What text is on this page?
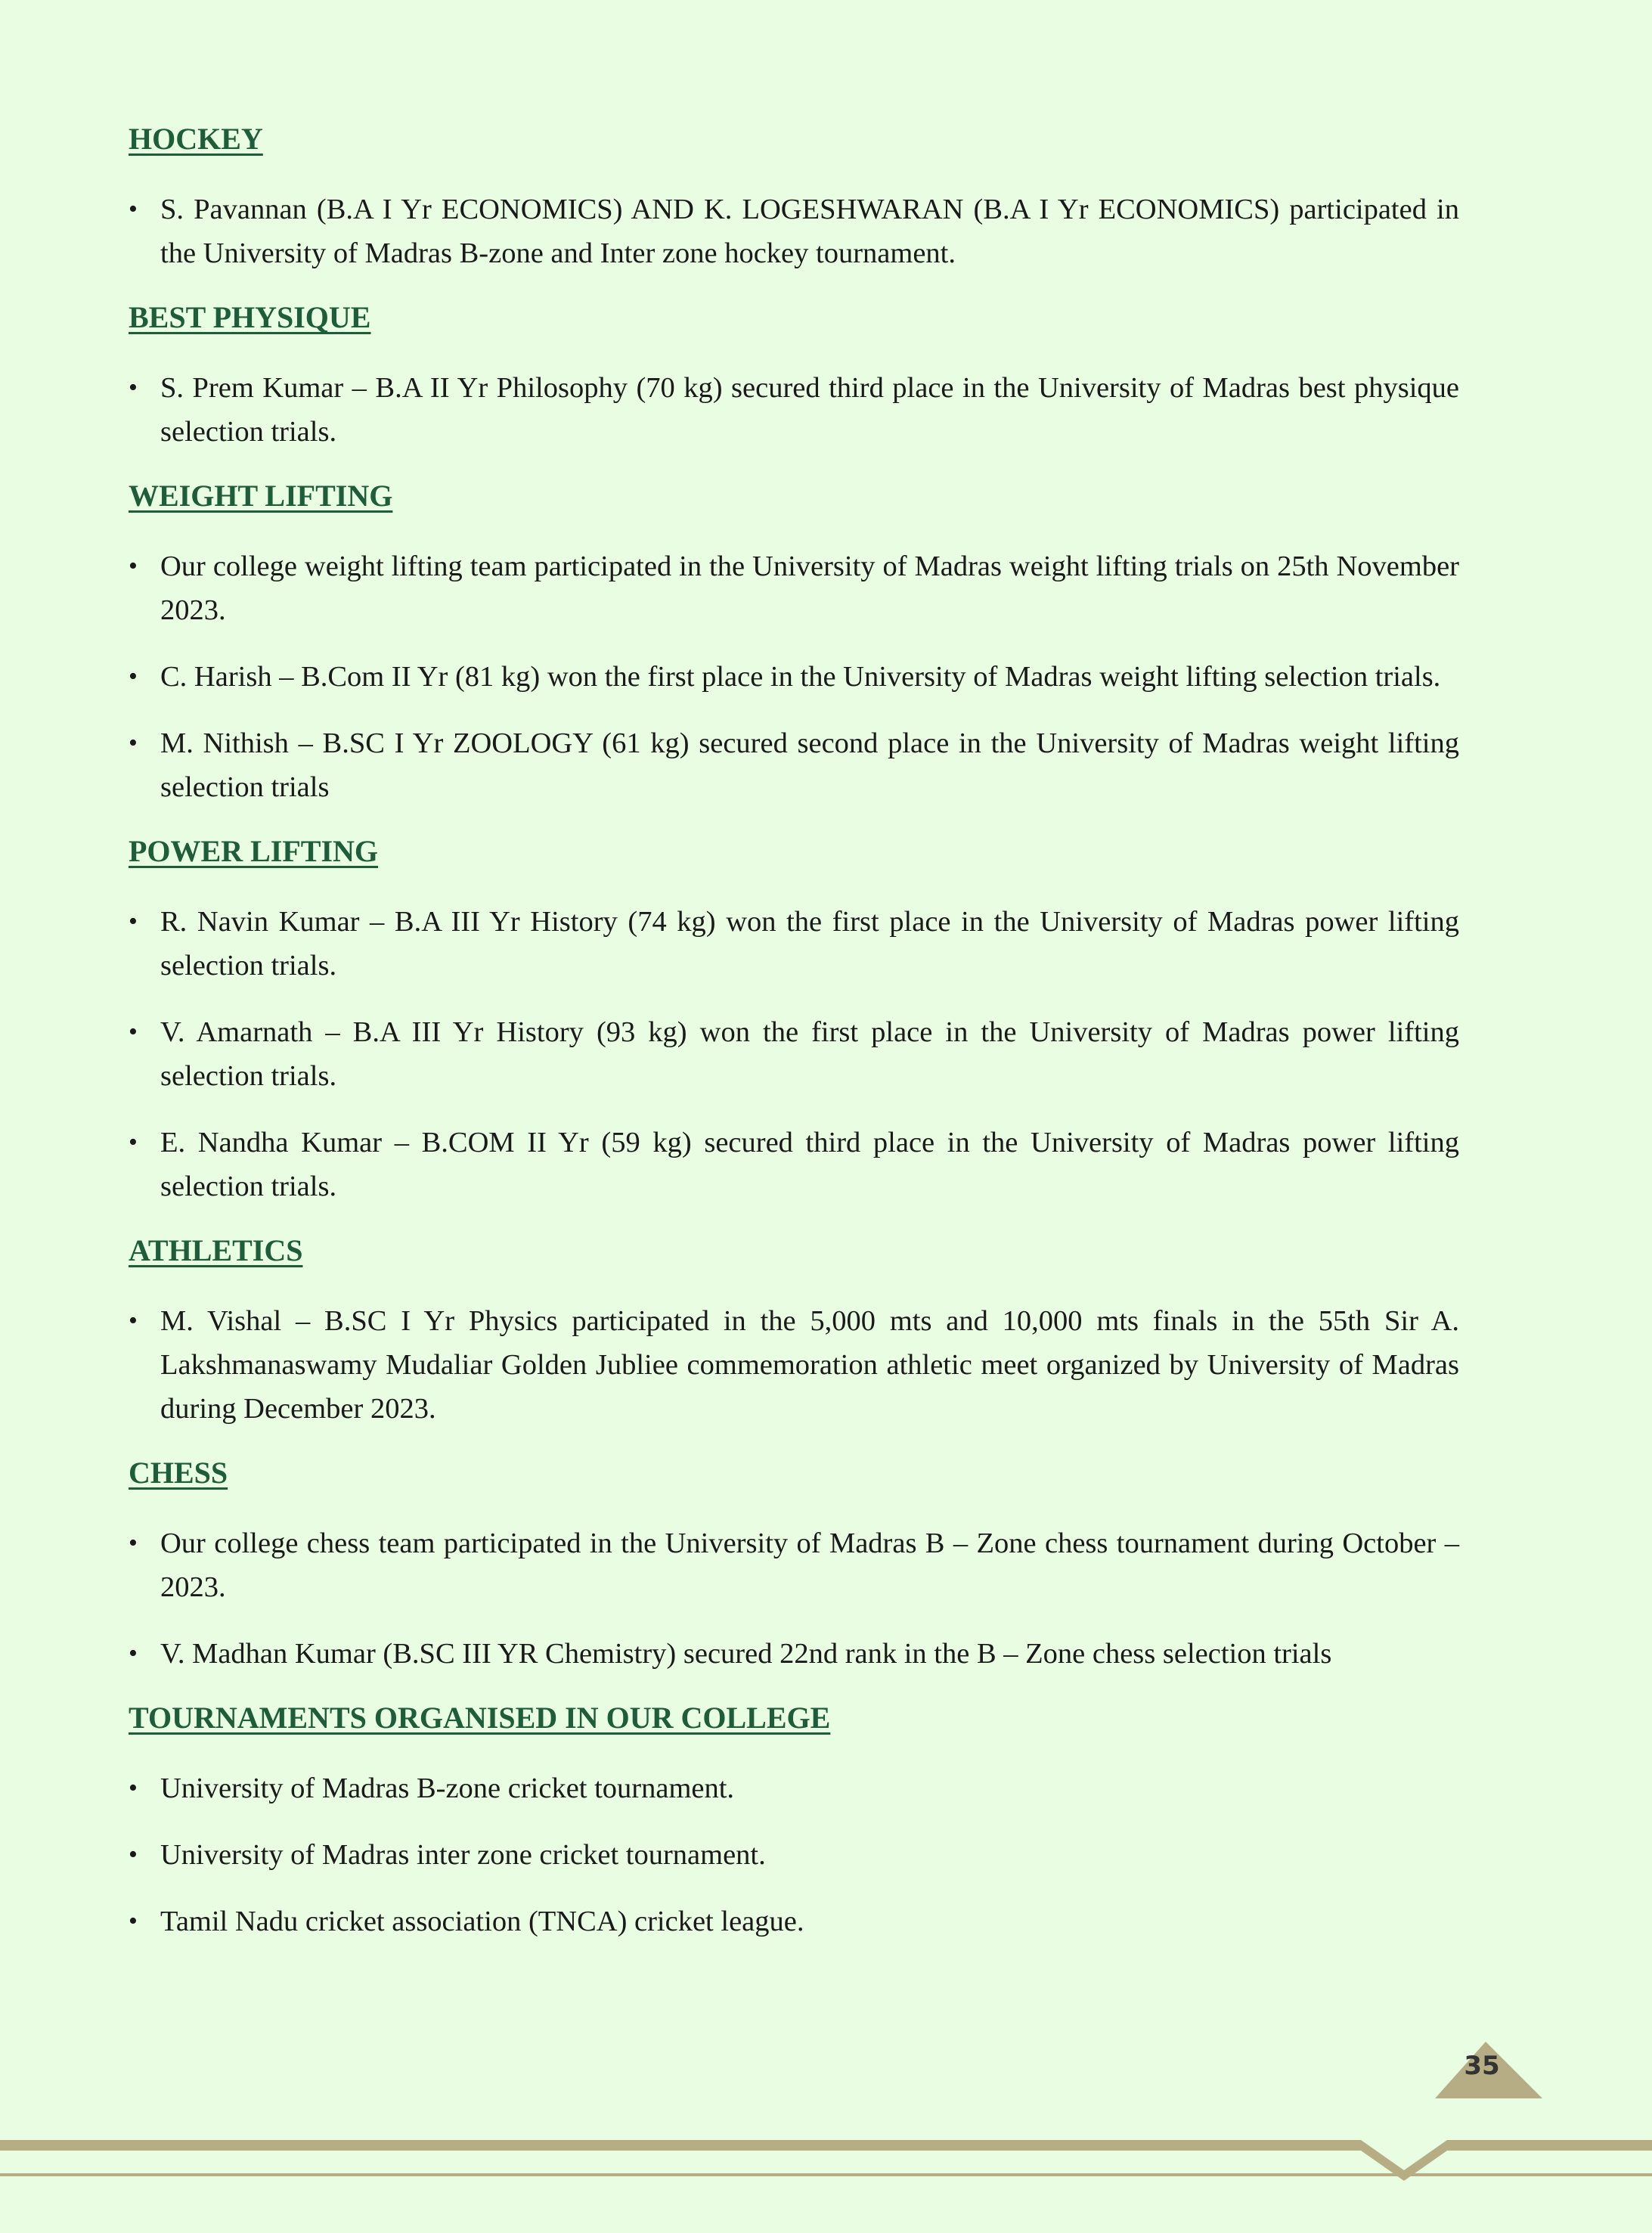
HOCKEY
• S. Pavannan (B.A I Yr ECONOMICS) AND K. LOGESHWARAN (B.A I Yr ECONOMICS) participated in the University of Madras B-zone and Inter zone hockey tournament.
BEST PHYSIQUE
• S. Prem Kumar – B.A II Yr Philosophy (70 kg) secured third place in the University of Madras best physique selection trials.
WEIGHT LIFTING
• Our college weight lifting team participated in the University of Madras weight lifting trials on 25th November 2023.
• C. Harish – B.Com II Yr (81 kg) won the first place in the University of Madras weight lifting selection trials.
• M. Nithish – B.SC I Yr ZOOLOGY (61 kg) secured second place in the University of Madras weight lifting selection trials
POWER LIFTING
• R. Navin Kumar – B.A III Yr History (74 kg) won the first place in the University of Madras power lifting selection trials.
• V. Amarnath – B.A III Yr History (93 kg) won the first place in the University of Madras power lifting selection trials.
• E. Nandha Kumar – B.COM II Yr (59 kg) secured third place in the University of Madras power lifting selection trials.
ATHLETICS
• M. Vishal – B.SC I Yr Physics participated in the 5,000 mts and 10,000 mts finals in the 55th Sir A. Lakshmanaswamy Mudaliar Golden Jubliee commemoration athletic meet organized by University of Madras during December 2023.
CHESS
• Our college chess team participated in the University of Madras B – Zone chess tournament during October – 2023.
• V. Madhan Kumar (B.SC III YR Chemistry) secured 22nd rank in the B – Zone chess selection trials
TOURNAMENTS ORGANISED IN OUR COLLEGE
• University of Madras B-zone cricket tournament.
• University of Madras inter zone cricket tournament.
• Tamil Nadu cricket association (TNCA) cricket league.
35
